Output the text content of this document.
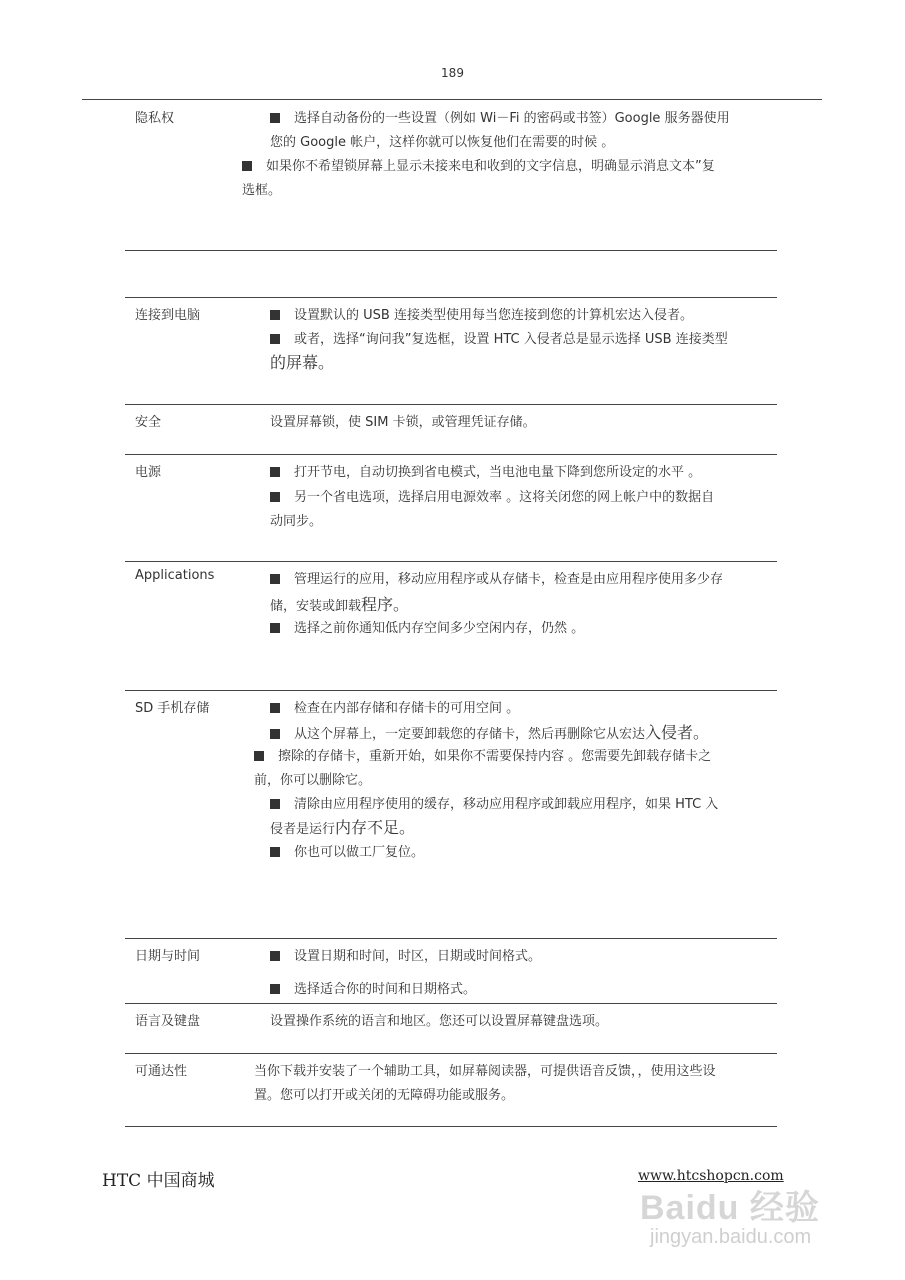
189
隐私权	选择自动备份的一些设置（例如 Wi－Fi 的密码或书签）Google 服务器使用
您的 Google 帐户，这样你就可以恢复他们在需要的时候 。
如果你不希望锁屏幕上显示未接来电和收到的文字信息，明确显示消息文本”复
选框。
连接到电脑	设置默认的 USB 连接类型使用每当您连接到您的计算机宏达入侵者。
或者，选择“询问我”复选框，设置 HTC 入侵者总是显示选择 USB 连接类型
的屏幕。
安全	设置屏幕锁，使 SIM 卡锁，或管理凭证存储。
电源	打开节电，自动切换到省电模式，当电池电量下降到您所设定的水平 。
另一个省电选项，选择启用电源效率 。这将关闭您的网上帐户中的数据自
动同步。
Applications	管理运行的应用，移动应用程序或从存储卡，检查是由应用程序使用多少存
储，安装或卸载程序。
选择之前你通知低内存空间多少空闲内存，仍然 。
SD 手机存储	检查在内部存储和存储卡的可用空间 。
从这个屏幕上，一定要卸载您的存储卡，然后再删除它从宏达入侵者。
擦除的存储卡，重新开始，如果你不需要保持内容 。您需要先卸载存储卡之
前，你可以删除它。
清除由应用程序使用的缓存，移动应用程序或卸载应用程序，如果 HTC 入
侵者是运行内存不足。
你也可以做工厂复位。
日期与时间	设置日期和时间，时区，日期或时间格式。
选择适合你的时间和日期格式。
语言及键盘	设置操作系统的语言和地区。您还可以设置屏幕键盘选项。
可通达性	当你下载并安装了一个辅助工具，如屏幕阅读器，可提供语音反馈，，使用这些设
置。您可以打开或关闭的无障碍功能或服务。
HTC 中国商城	www.htcshopcn.com
Baidu 经验
jingyan.baidu.com
